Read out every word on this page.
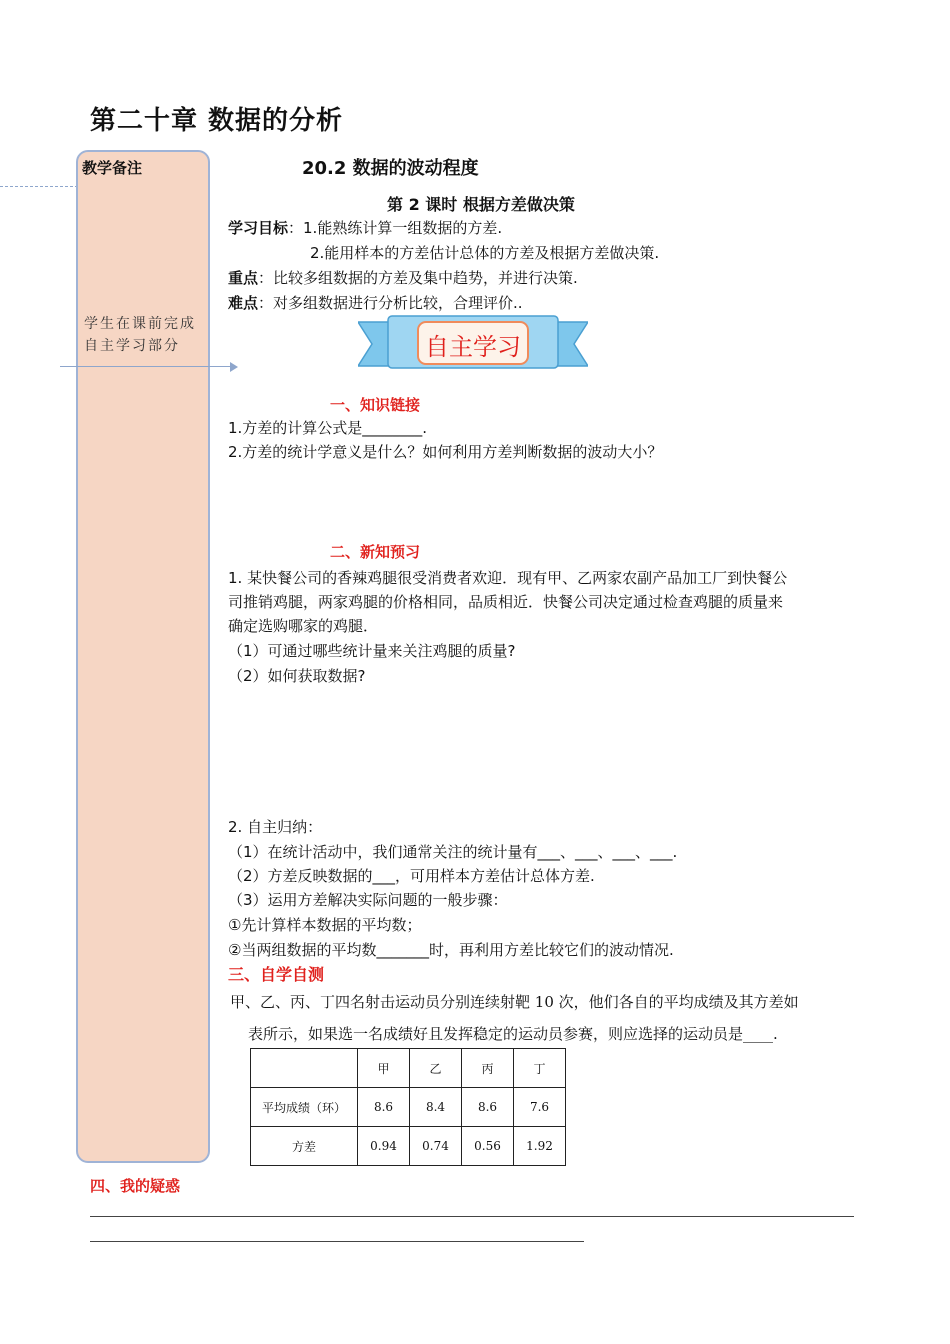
第二十章 数据的分析
教学备注
学生在课前完成自主学习部分
20.2 数据的波动程度
第 2 课时 根据方差做决策
学习目标：1.能熟练计算一组数据的方差.
2.能用样本的方差估计总体的方差及根据方差做决策.
重点：比较多组数据的方差及集中趋势，并进行决策.
难点：对多组数据进行分析比较，合理评价..
自主学习
一、知识链接
1.方差的计算公式是________.
2.方差的统计学意义是什么？如何利用方差判断数据的波动大小？
二、新知预习
1. 某快餐公司的香辣鸡腿很受消费者欢迎．现有甲、乙两家农副产品加工厂到快餐公
司推销鸡腿，两家鸡腿的价格相同，品质相近．快餐公司决定通过检查鸡腿的质量来
确定选购哪家的鸡腿．
（1）可通过哪些统计量来关注鸡腿的质量?
（2）如何获取数据?
2. 自主归纳：
（1）在统计活动中，我们通常关注的统计量有___、___、___、___.
（2）方差反映数据的___，可用样本方差估计总体方差.
（3）运用方差解决实际问题的一般步骤：
①先计算样本数据的平均数；
②当两组数据的平均数_______时，再利用方差比较它们的波动情况.
三、自学自测
甲、乙、丙、丁四名射击运动员分别连续射靶 10 次，他们各自的平均成绩及其方差如
表所示，如果选一名成绩好且发挥稳定的运动员参赛，则应选择的运动员是____.
	甲	乙	丙	丁
平均成绩（环）	8.6	8.4	8.6	7.6
方差	0.94	0.74	0.56	1.92
四、我的疑惑
